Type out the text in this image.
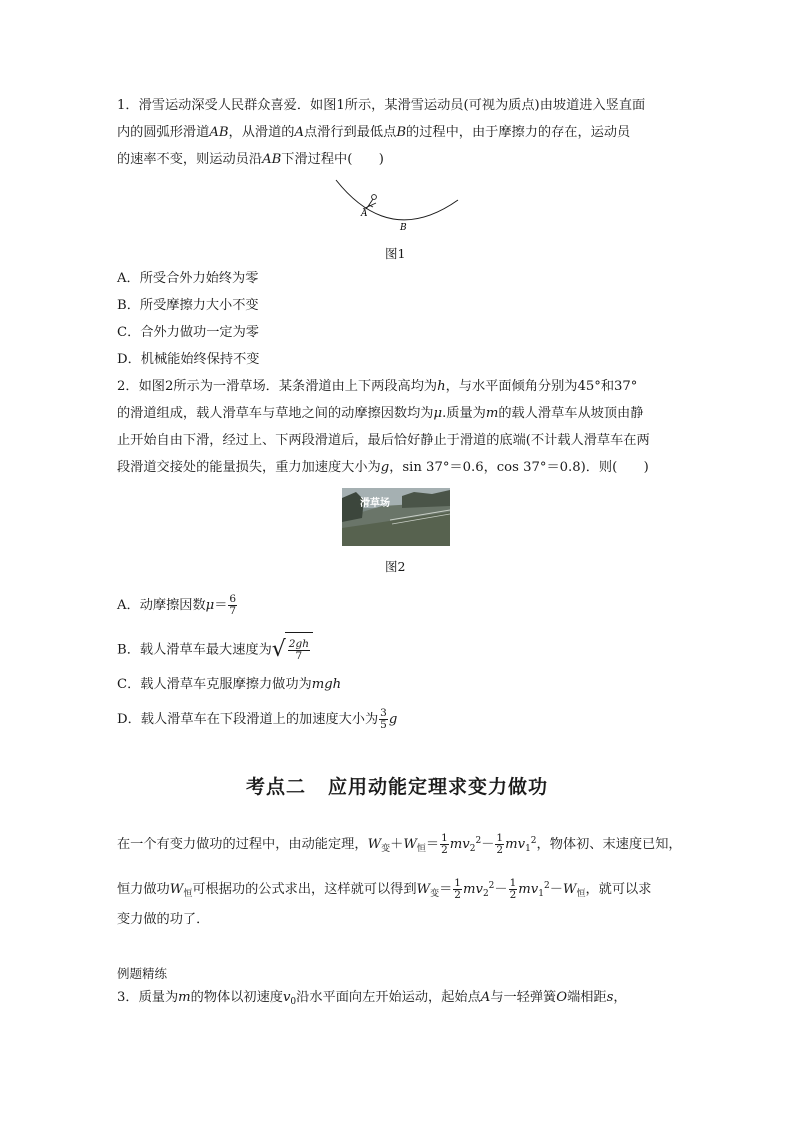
1．滑雪运动深受人民群众喜爱．如图1所示，某滑雪运动员(可视为质点)由坡道进入竖直面
内的圆弧形滑道AB，从滑道的A点滑行到最低点B的过程中，由于摩擦力的存在，运动员
的速率不变，则运动员沿AB下滑过程中(　　)
A
B
图1
A．所受合外力始终为零
B．所受摩擦力大小不变
C．合外力做功一定为零
D．机械能始终保持不变
2．如图2所示为一滑草场．某条滑道由上下两段高均为h，与水平面倾角分别为45°和37°
的滑道组成，载人滑草车与草地之间的动摩擦因数均为μ.质量为m的载人滑草车从坡顶由静
止开始自由下滑，经过上、下两段滑道后，最后恰好静止于滑道的底端(不计载人滑草车在两
段滑道交接处的能量损失，重力加速度大小为g，sin 37°＝0.6，cos 37°＝0.8)．则(　　)
滑草场
图2
A．动摩擦因数$\mu= \frac{6}{7}$
B．载人滑草车最大速度为 √ $\frac{2gh}{7}$
C．载人滑草车克服摩擦力做功为mgh
D．载人滑草车在下段滑道上的加速度大小为 $\frac{3}{5}$ g
考点二 应用动能定理求变力做功
在一个有变力做功的过程中，由动能定理，$W_变+W_恒= \frac{1}{2} mv_2^2- \frac{1}{2} mv_1^2$，物体初、末速度已知，
恒力做功$W_恒$可根据功的公式求出，这样就可以得到$W_变= \frac{1}{2} mv_2^2- \frac{1}{2} mv_1^2-W_恒$，就可以求
变力做的功了．
例题精练
3．质量为m的物体以初速度$v_0$沿水平面向左开始运动，起始点A与一轻弹簧O端相距s，
